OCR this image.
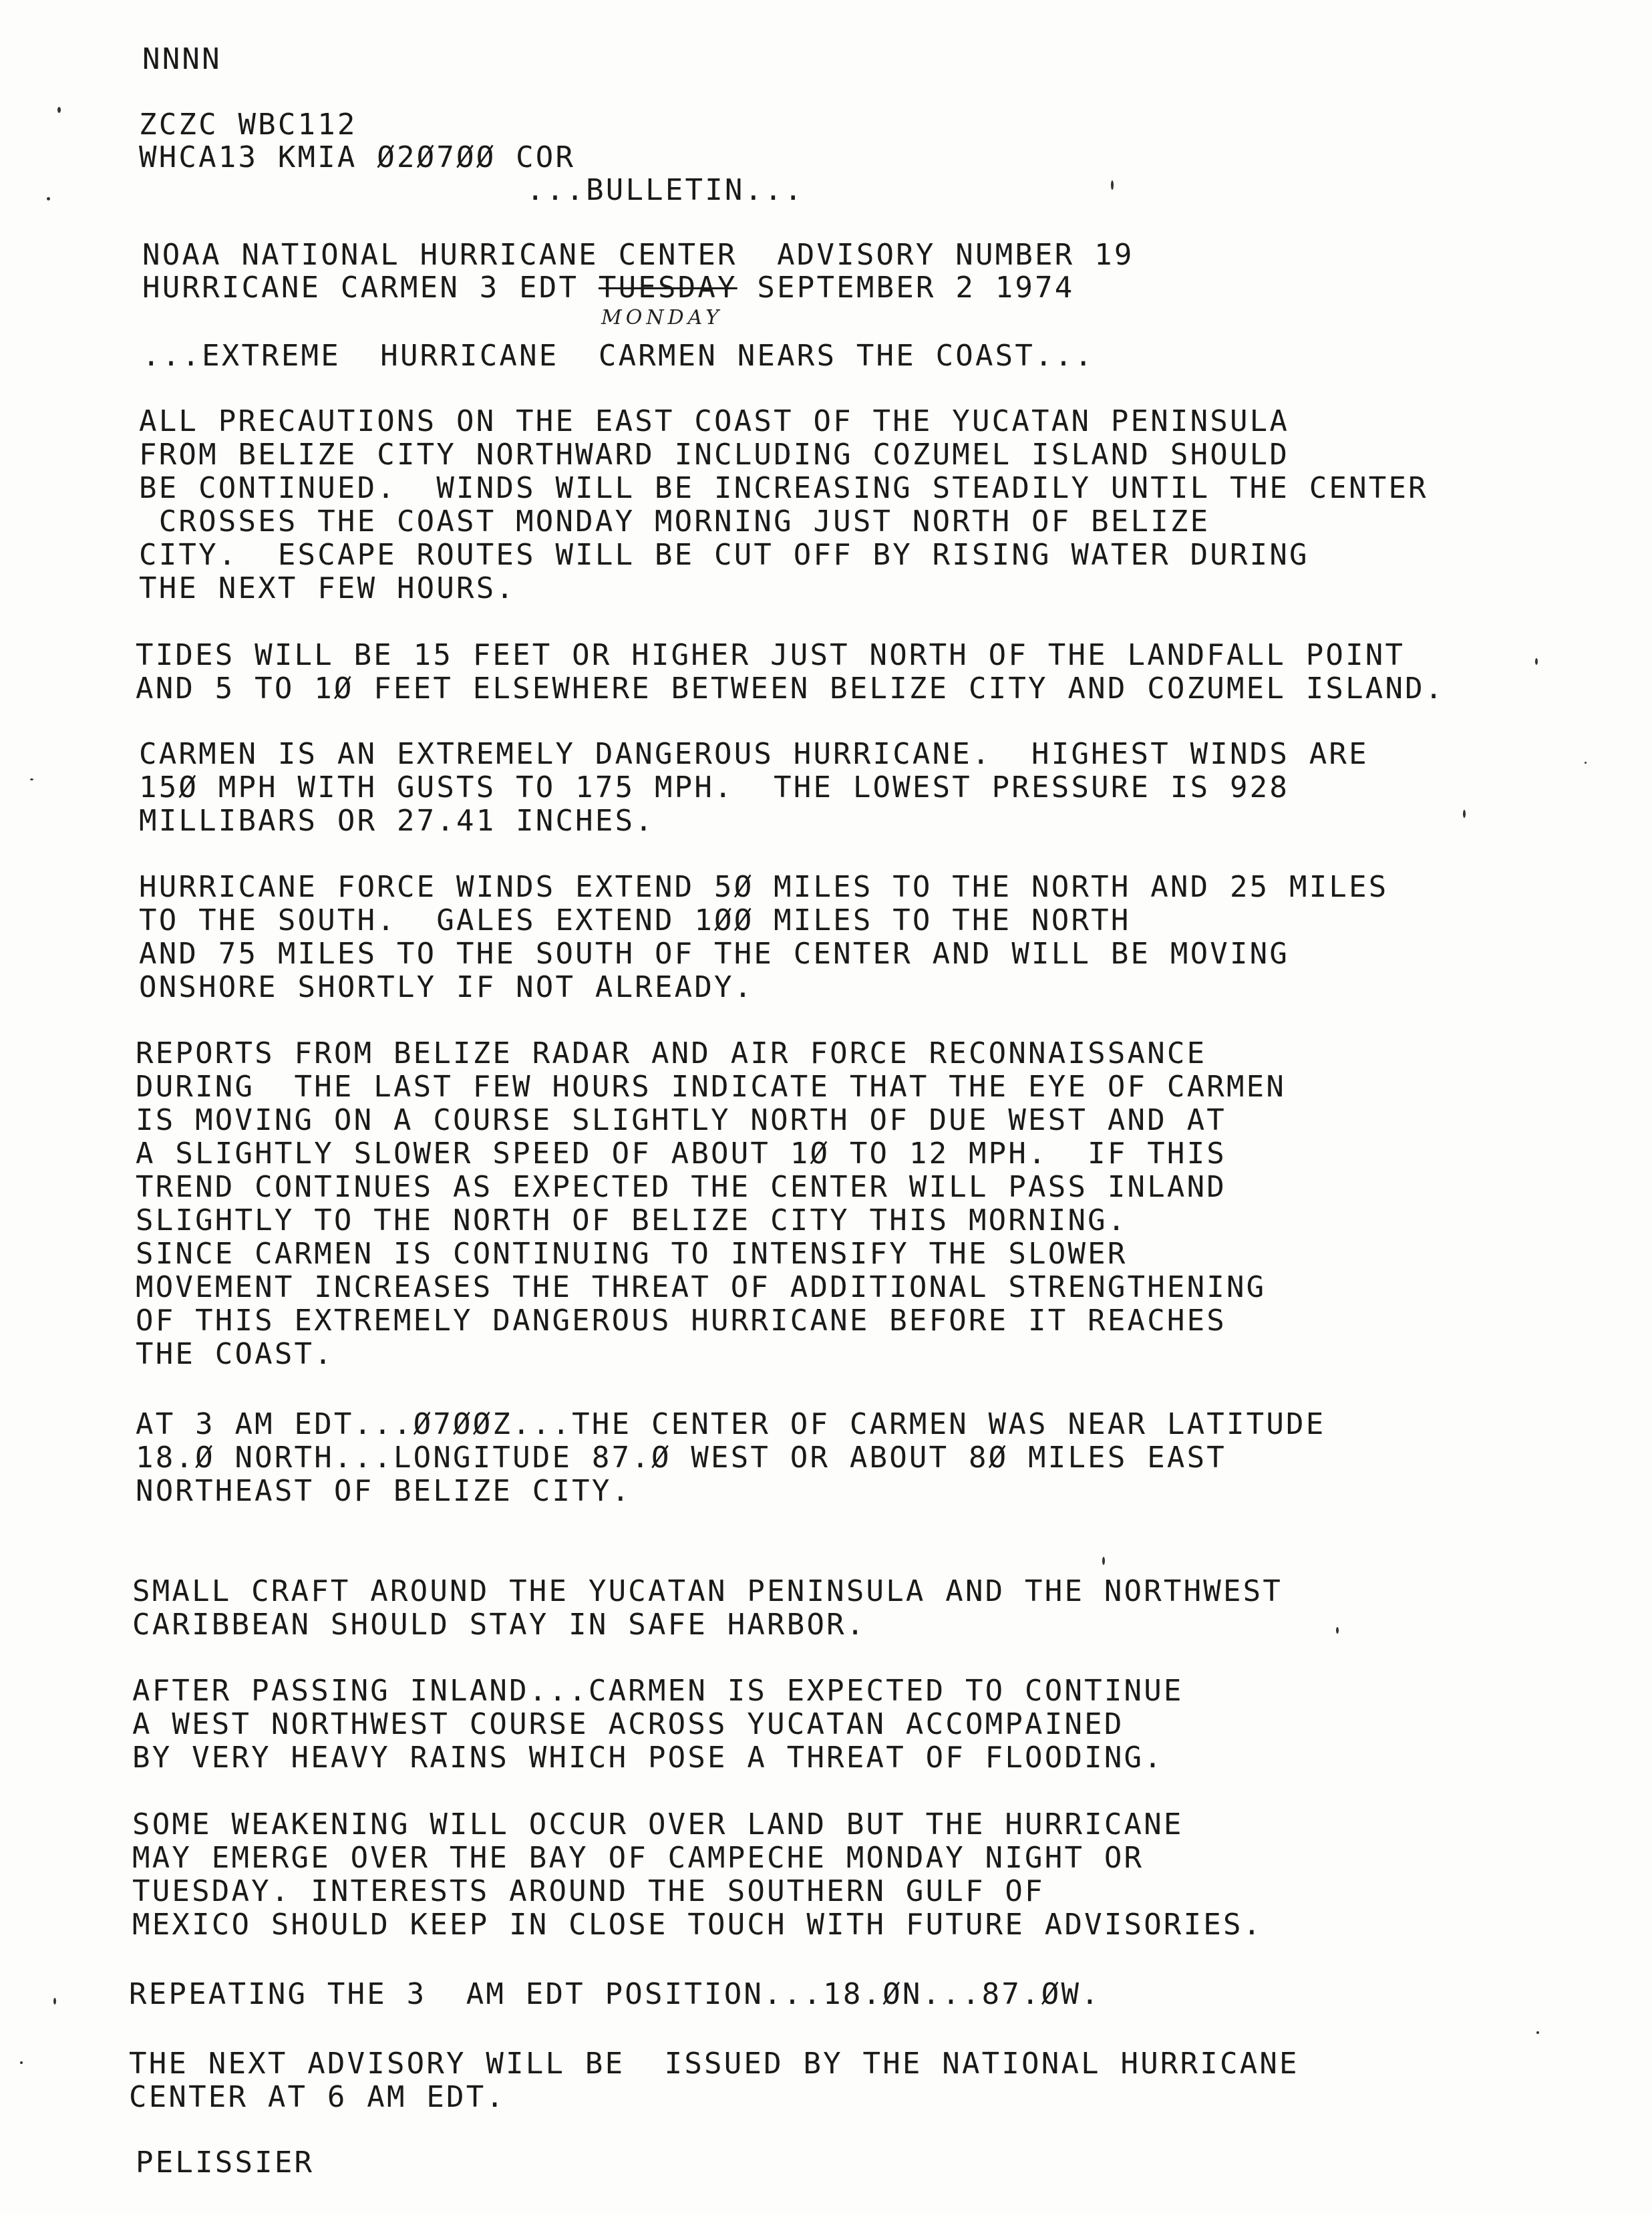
NNNN
ZCZC WBC112
WHCA13 KMIA Ø2Ø7ØØ COR
...BULLETIN...
NOAA NATIONAL HURRICANE CENTER  ADVISORY NUMBER 19
HURRICANE CARMEN 3 EDT TUESDAY SEPTEMBER 2 1974
MONDAY
...EXTREME  HURRICANE  CARMEN NEARS THE COAST...
ALL PRECAUTIONS ON THE EAST COAST OF THE YUCATAN PENINSULA
FROM BELIZE CITY NORTHWARD INCLUDING COZUMEL ISLAND SHOULD
BE CONTINUED.  WINDS WILL BE INCREASING STEADILY UNTIL THE CENTER
CROSSES THE COAST MONDAY MORNING JUST NORTH OF BELIZE
CITY.  ESCAPE ROUTES WILL BE CUT OFF BY RISING WATER DURING
THE NEXT FEW HOURS.
TIDES WILL BE 15 FEET OR HIGHER JUST NORTH OF THE LANDFALL POINT
AND 5 TO 1Ø FEET ELSEWHERE BETWEEN BELIZE CITY AND COZUMEL ISLAND.
CARMEN IS AN EXTREMELY DANGEROUS HURRICANE.  HIGHEST WINDS ARE
15Ø MPH WITH GUSTS TO 175 MPH.  THE LOWEST PRESSURE IS 928
MILLIBARS OR 27.41 INCHES.
HURRICANE FORCE WINDS EXTEND 5Ø MILES TO THE NORTH AND 25 MILES
TO THE SOUTH.  GALES EXTEND 1ØØ MILES TO THE NORTH
AND 75 MILES TO THE SOUTH OF THE CENTER AND WILL BE MOVING
ONSHORE SHORTLY IF NOT ALREADY.
REPORTS FROM BELIZE RADAR AND AIR FORCE RECONNAISSANCE
DURING  THE LAST FEW HOURS INDICATE THAT THE EYE OF CARMEN
IS MOVING ON A COURSE SLIGHTLY NORTH OF DUE WEST AND AT
A SLIGHTLY SLOWER SPEED OF ABOUT 1Ø TO 12 MPH.  IF THIS
TREND CONTINUES AS EXPECTED THE CENTER WILL PASS INLAND
SLIGHTLY TO THE NORTH OF BELIZE CITY THIS MORNING.
SINCE CARMEN IS CONTINUING TO INTENSIFY THE SLOWER
MOVEMENT INCREASES THE THREAT OF ADDITIONAL STRENGTHENING
OF THIS EXTREMELY DANGEROUS HURRICANE BEFORE IT REACHES
THE COAST.
AT 3 AM EDT...Ø7ØØZ...THE CENTER OF CARMEN WAS NEAR LATITUDE
18.Ø NORTH...LONGITUDE 87.Ø WEST OR ABOUT 8Ø MILES EAST
NORTHEAST OF BELIZE CITY.
SMALL CRAFT AROUND THE YUCATAN PENINSULA AND THE NORTHWEST
CARIBBEAN SHOULD STAY IN SAFE HARBOR.
AFTER PASSING INLAND...CARMEN IS EXPECTED TO CONTINUE
A WEST NORTHWEST COURSE ACROSS YUCATAN ACCOMPAINED
BY VERY HEAVY RAINS WHICH POSE A THREAT OF FLOODING.
SOME WEAKENING WILL OCCUR OVER LAND BUT THE HURRICANE
MAY EMERGE OVER THE BAY OF CAMPECHE MONDAY NIGHT OR
TUESDAY. INTERESTS AROUND THE SOUTHERN GULF OF
MEXICO SHOULD KEEP IN CLOSE TOUCH WITH FUTURE ADVISORIES.
REPEATING THE 3  AM EDT POSITION...18.ØN...87.ØW.
THE NEXT ADVISORY WILL BE  ISSUED BY THE NATIONAL HURRICANE
CENTER AT 6 AM EDT.
PELISSIER
